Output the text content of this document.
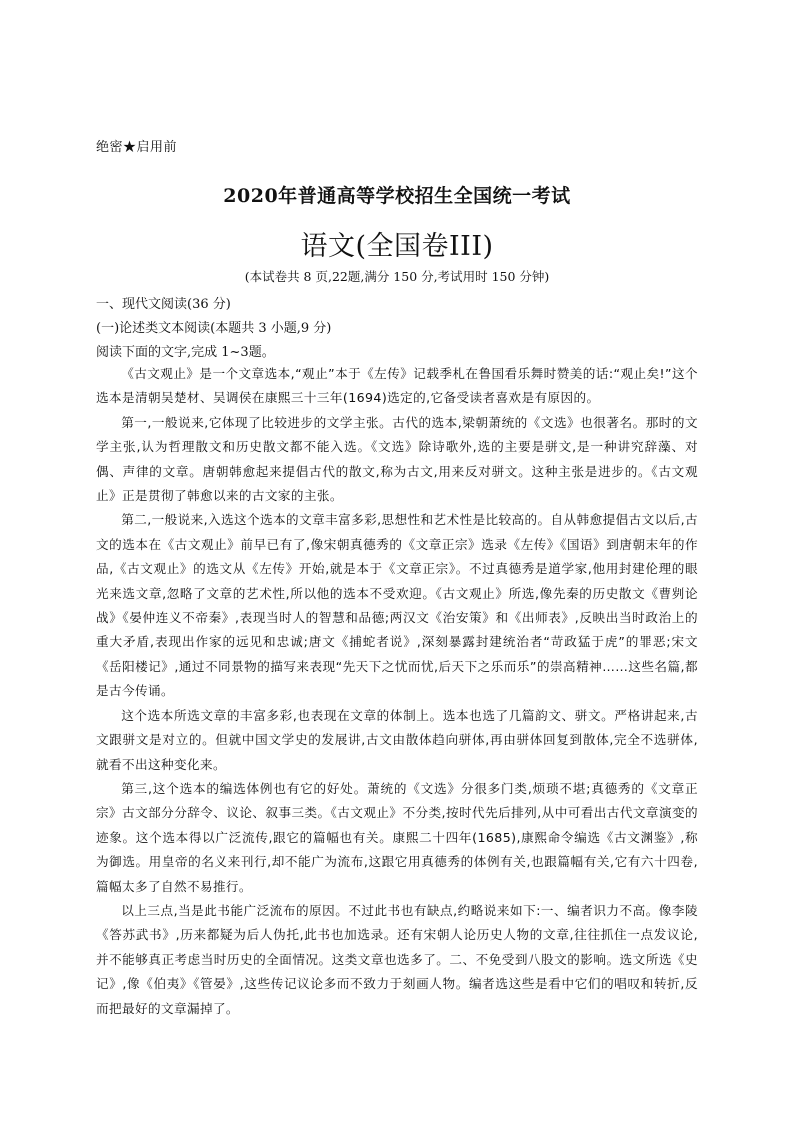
绝密★启用前
2020年普通高等学校招生全国统一考试
语文(全国卷III)
(本试卷共 8 页,22题,满分 150 分,考试用时 150 分钟)
一、现代文阅读(36 分)
(一)论述类文本阅读(本题共 3 小题,9 分)
阅读下面的文字,完成 1~3题。

《古文观止》是一个文章选本,“观止”本于《左传》记载季札在鲁国看乐舞时赞美的话:“观止矣!”这个选本是清朝吴楚材、吴调侯在康熙三十三年(1694)选定的,它备受读者喜欢是有原因的。

第一,一般说来,它体现了比较进步的文学主张。古代的选本,梁朝萧统的《文选》也很著名。那时的文学主张,认为哲理散文和历史散文都不能入选。《文选》除诗歌外,选的主要是骈文,是一种讲究辞藻、对偶、声律的文章。唐朝韩愈起来提倡古代的散文,称为古文,用来反对骈文。这种主张是进步的。《古文观止》正是贯彻了韩愈以来的古文家的主张。

第二,一般说来,入选这个选本的文章丰富多彩,思想性和艺术性是比较高的。自从韩愈提倡古文以后,古文的选本在《古文观止》前早已有了,像宋朝真德秀的《文章正宗》选录《左传》《国语》到唐朝末年的作品,《古文观止》的选文从《左传》开始,就是本于《文章正宗》。不过真德秀是道学家,他用封建伦理的眼光来选文章,忽略了文章的艺术性,所以他的选本不受欢迎。《古文观止》所选,像先秦的历史散文《曹刿论战》《晏仲连义不帝秦》,表现当时人的智慧和品德;两汉文《治安策》和《出师表》,反映出当时政治上的重大矛盾,表现出作家的远见和忠诚;唐文《捕蛇者说》,深刻暴露封建统治者“苛政猛于虎”的罪恶;宋文《岳阳楼记》,通过不同景物的描写来表现“先天下之忧而忧,后天下之乐而乐”的崇高精神……这些名篇,都是古今传诵。

这个选本所选文章的丰富多彩,也表现在文章的体制上。选本也选了几篇韵文、骈文。严格讲起来,古文跟骈文是对立的。但就中国文学史的发展讲,古文由散体趋向骈体,再由骈体回复到散体,完全不选骈体,就看不出这种变化来。

第三,这个选本的编选体例也有它的好处。萧统的《文选》分很多门类,烦琐不堪;真德秀的《文章正宗》古文部分分辞令、议论、叙事三类。《古文观止》不分类,按时代先后排列,从中可看出古代文章演变的迹象。这个选本得以广泛流传,跟它的篇幅也有关。康熙二十四年(1685),康熙命令编选《古文渊鉴》,称为御选。用皇帝的名义来刊行,却不能广为流布,这跟它用真德秀的体例有关,也跟篇幅有关,它有六十四卷,篇幅太多了自然不易推行。

以上三点,当是此书能广泛流布的原因。不过此书也有缺点,约略说来如下:一、编者识力不高。像李陵《答苏武书》,历来都疑为后人伪托,此书也加选录。还有宋朝人论历史人物的文章,往往抓住一点发议论,并不能够真正考虑当时历史的全面情况。这类文章也选多了。二、不免受到八股文的影响。选文所选《史记》,像《伯夷》《管晏》,这些传记议论多而不致力于刻画人物。编者选这些是看中它们的唱叹和转折,反而把最好的文章漏掉了。
